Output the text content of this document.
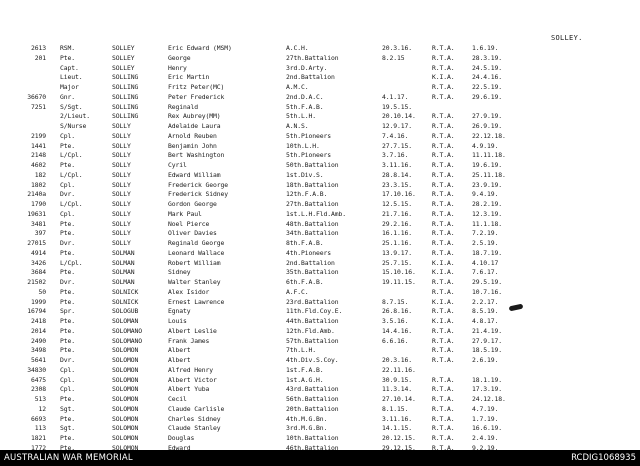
SOLLEY.
2613 RSM.	SOLLEY	Eric Edward (MSM)	A.C.H.	20.3.16.	R.T.A.	1.6.19.
201 Pte.	SOLLEY	George	27th.Battalion	8.2.15	R.T.A.	28.3.19.
Capt.	SOLLEY	Henry	3rd.D.Arty.	R.T.A.	24.5.19.
Lieut.	SOLLING	Eric Martin	2nd.Battalion	K.I.A.	24.4.16.
Major	SOLLING	Fritz Peter(MC)	A.M.C.	R.T.A.	22.5.19.
36670 Gnr.	SOLLING	Peter Frederick	2nd.D.A.C.	4.1.17.	R.T.A.	29.6.19.
7251 S/Sgt.	SOLLING	Reginald	5th.F.A.B.	19.5.15.
2/Lieut.	SOLLING	Rex Aubrey(MM)	5th.L.H.	20.10.14.	R.T.A.	27.9.19.
S/Nurse	SOLLY	Adelaide Laura	A.N.S.	12.9.17.	R.T.A.	26.9.19.
2199 Cpl.	SOLLY	Arnold Reuben	5th.Pioneers	7.4.16.	R.T.A.	22.12.18.
1441 Pte.	SOLLY	Benjamin John	10th.L.H.	27.7.15.	R.T.A.	4.9.19.
2148 L/Cpl.	SOLLY	Bert Washington	5th.Pioneers	3.7.16.	R.T.A.	11.11.18.
4602 Pte.	SOLLY	Cyril	50th.Battalion	3.11.16.	R.T.A.	19.6.19.
182 L/Cpl.	SOLLY	Edward William	1st.Div.S.	28.8.14.	R.T.A.	25.11.18.
1802 Cpl.	SOLLY	Frederick George	18th.Battalion	23.3.15.	R.T.A.	23.9.19.
2140a Dvr.	SOLLY	Frederick Sidney	12th.F.A.B.	17.10.16.	R.T.A.	9.4.19.
1790 L/Cpl.	SOLLY	Gordon George	27th.Battalion	12.5.15.	R.T.A.	28.2.19.
19631 Cpl.	SOLLY	Mark Paul	1st.L.H.Fld.Amb.	21.7.16.	R.T.A.	12.3.19.
3481 Pte.	SOLLY	Noel Pierce	48th.Battalion	29.2.16.	R.T.A.	11.1.18.
397 Pte.	SOLLY	Oliver Davies	34th.Battalion	16.1.16.	R.T.A.	7.2.19.
27015 Dvr.	SOLLY	Reginald George	8th.F.A.B.	25.1.16.	R.T.A.	2.5.19.
4914 Pte.	SOLMAN	Leonard Wallace	4th.Pioneers	13.9.17.	R.T.A.	18.7.19.
3426 L/Cpl.	SOLMAN	Robert William	2nd.Battalion	25.7.15.	K.I.A.	4.10.17
3684 Pte.	SOLMAN	Sidney	35th.Battalion	15.10.16.	K.I.A.	7.6.17.
21502 Dvr.	SOLMAN	Walter Stanley	6th.F.A.B.	19.11.15.	R.T.A.	29.5.19.
50 Pte.	SOLNICK	Alex Isidor	A.F.C.	R.T.A.	10.7.16.
1999 Pte.	SOLNICK	Ernest Lawrence	23rd.Battalion	8.7.15.	K.I.A.	2.2.17.
16794 Spr.	SOLOGUB	Egnaty	11th.Fld.Coy.E.	26.8.16.	R.T.A.	8.5.19.
2418 Pte.	SOLOMAN	Louis	44th.Battalion	3.5.16.	K.I.A.	4.8.17.
2014 Pte.	SOLOMANO	Albert Leslie	12th.Fld.Amb.	14.4.16.	R.T.A.	21.4.19.
2490 Pte.	SOLOMANO	Frank James	57th.Battalion	6.6.16.	R.T.A.	27.9.17.
3498 Pte.	SOLOMON	Albert	7th.L.H.	R.T.A.	18.5.19.
5641 Dvr.	SOLOMON	Albert	4th.Div.S.Coy.	20.3.16.	R.T.A.	2.6.19.
34830 Cpl.	SOLOMON	Alfred Henry	1st.F.A.B.	22.11.16.
6475 Cpl.	SOLOMON	Albert Victor	1st.A.G.H.	30.9.15.	R.T.A.	18.1.19.
2308 Cpl.	SOLOMON	Albert Yuba	43rd.Battalion	11.3.14.	R.T.A.	17.3.19.
513 Pte.	SOLOMON	Cecil	56th.Battalion	27.10.14.	R.T.A.	24.12.18.
12 Sgt.	SOLOMON	Claude Carlisle	20th.Battalion	8.1.15.	R.T.A.	4.7.19.
6693 Pte.	SOLOMON	Charles Sidney	4th.M.G.Bn.	3.11.16.	R.T.A.	1.7.19.
113 Sgt.	SOLOMON	Claude Stanley	3rd.M.G.Bn.	14.1.15.	R.T.A.	16.6.19.
1821 Pte.	SOLOMON	Douglas	10th.Battalion	20.12.15.	R.T.A.	2.4.19.
1772 Pte.	SOLOMON	Edward	46th.Battalion	29.12.15.	R.T.A.	9.2.19.
AUSTRALIAN WAR MEMORIAL	RCDIG1068935
